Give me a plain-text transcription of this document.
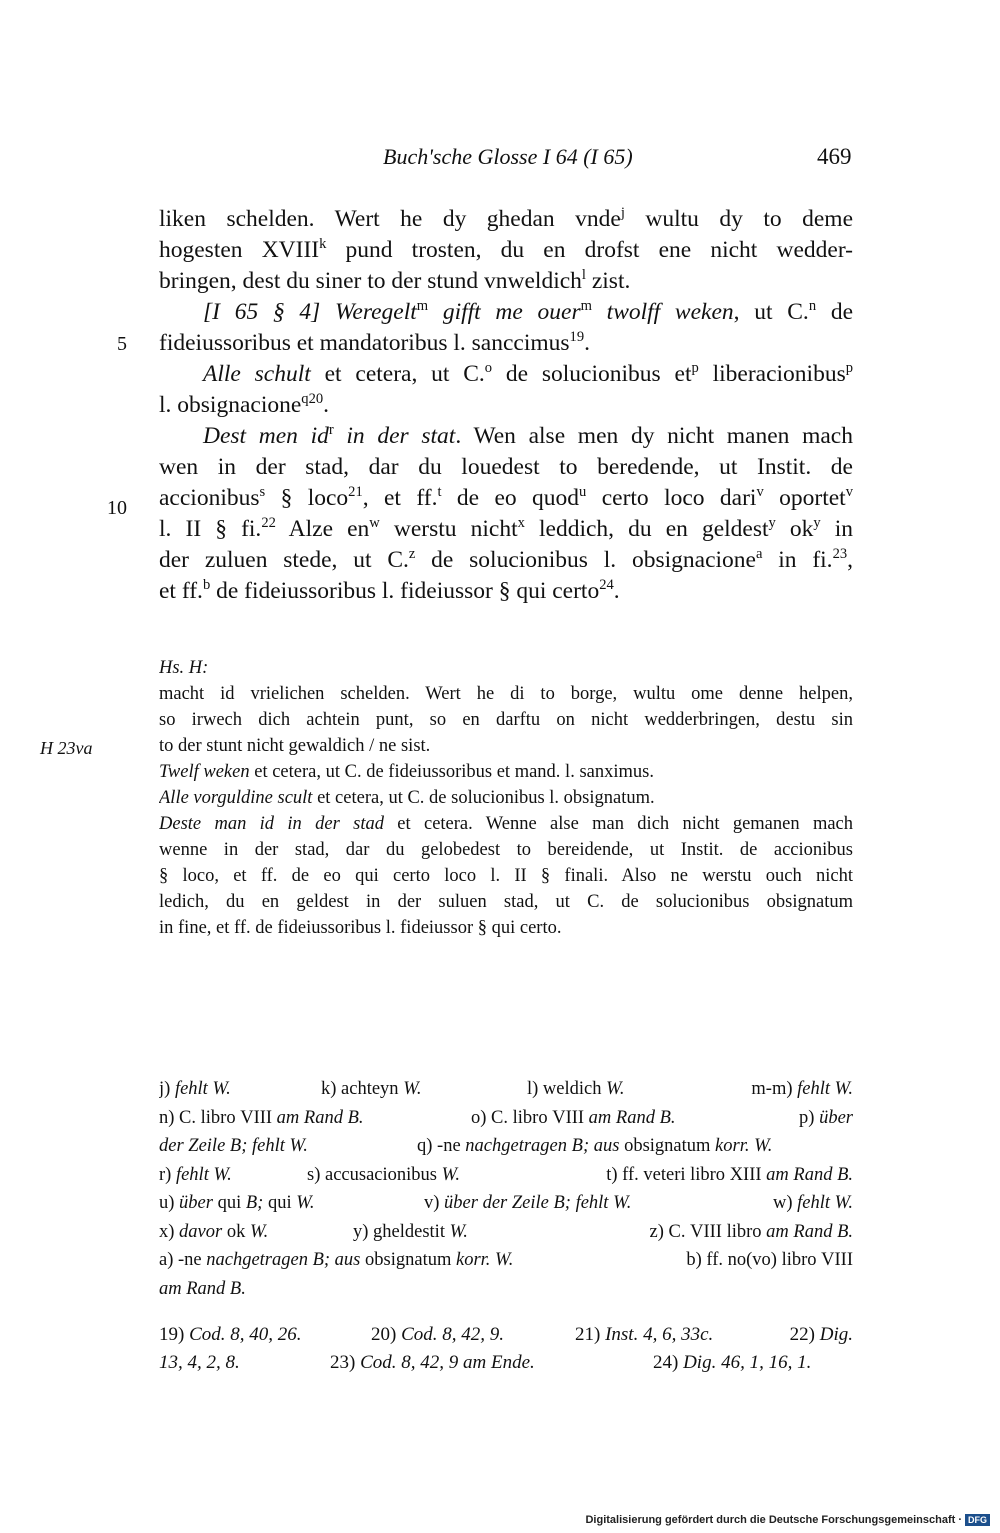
Buch'sche Glosse I 64 (I 65)	469
5
10
liken schelden. Wert he dy ghedan vnde$^j$ wultu dy to deme
hogesten XVIII$^k$ pund trosten, du en drofst ene nicht wedder-
bringen, dest du siner to der stund vnweldich$^l$ zist.
[I 65 § 4] Weregelt$^m$ gifft me ouer$^m$ twolff weken, ut C.$^n$ de
fideiussoribus et mandatoribus l. sanccimus$^{19}$.
Alle schult et cetera, ut C.$^o$ de solucionibus $et^p$ liberacionibus$^p$
l. obsignacione$^{q20}$.
Dest men $id^r$ in der stat. Wen alse men dy nicht manen mach
wen in der stad, dar du louedest to beredende, ut Instit. de
accionibus$^s$ § loco$^{21}$, et ff.$^t$ de eo quod$^u$ certo loco dari$^v$ oportet$^v$
l. II § fi.$^{22}$ Alze $en^w$ werstu nicht$^x$ leddich, du en geldest$^y$ $ok^y$ in
der zuluen stede, ut C.$^z$ de solucionibus l. obsignacione$^a$ in fi.$^{23}$,
et ff.$^b$ de fideiussoribus l. fideiussor § qui certo$^{24}$.
H 23va
Hs. H:
macht id vrielichen schelden. Wert he di to borge, wultu ome denne helpen,
so irwech dich achtein punt, so en darftu on nicht wedderbringen, destu sin
to der stunt nicht gewaldich / ne sist.
Twelf weken et cetera, ut C. de fideiussoribus et mand. l. sanximus.
Alle vorguldine scult et cetera, ut C. de solucionibus l. obsignatum.
Deste man id in der stad et cetera. Wenne alse man dich nicht gemanen mach
wenne in der stad, dar du gelobedest to bereidende, ut Instit. de accionibus
§ loco, et ff. de eo qui certo loco l. II § finali. Also ne werstu ouch nicht
ledich, du en geldest in der suluen stad, ut C. de solucionibus obsignatum
in fine, et ff. de fideiussoribus l. fideiussor § qui certo.
j) fehlt W.	k) achteyn W.	l) weldich W.	m-m) fehlt W.
n) C. libro VIII am Rand B.	o) C. libro VIII am Rand B.	p) über
der Zeile B; fehlt W.	q) -ne nachgetragen B; aus obsignatum korr. W.
r) fehlt W.	s) accusacionibus W.	t) ff. veteri libro XIII am Rand B.
u) über qui B; qui W.	v) über der Zeile B; fehlt W.	w) fehlt W.
x) davor ok W.	y) gheldestit W.	z) C. VIII libro am Rand B.
a) -ne nachgetragen B; aus obsignatum korr. W.	b) ff. no(vo) libro VIII
am Rand B.
19) Cod. 8, 40, 26.	20) Cod. 8, 42, 9.	21) Inst. 4, 6, 33c.	22) Dig.
13, 4, 2, 8.	23) Cod. 8, 42, 9 am Ende.	24) Dig. 46, 1, 16, 1.
Digitalisierung gefördert durch die Deutsche Forschungsgemeinschaft · DFG
